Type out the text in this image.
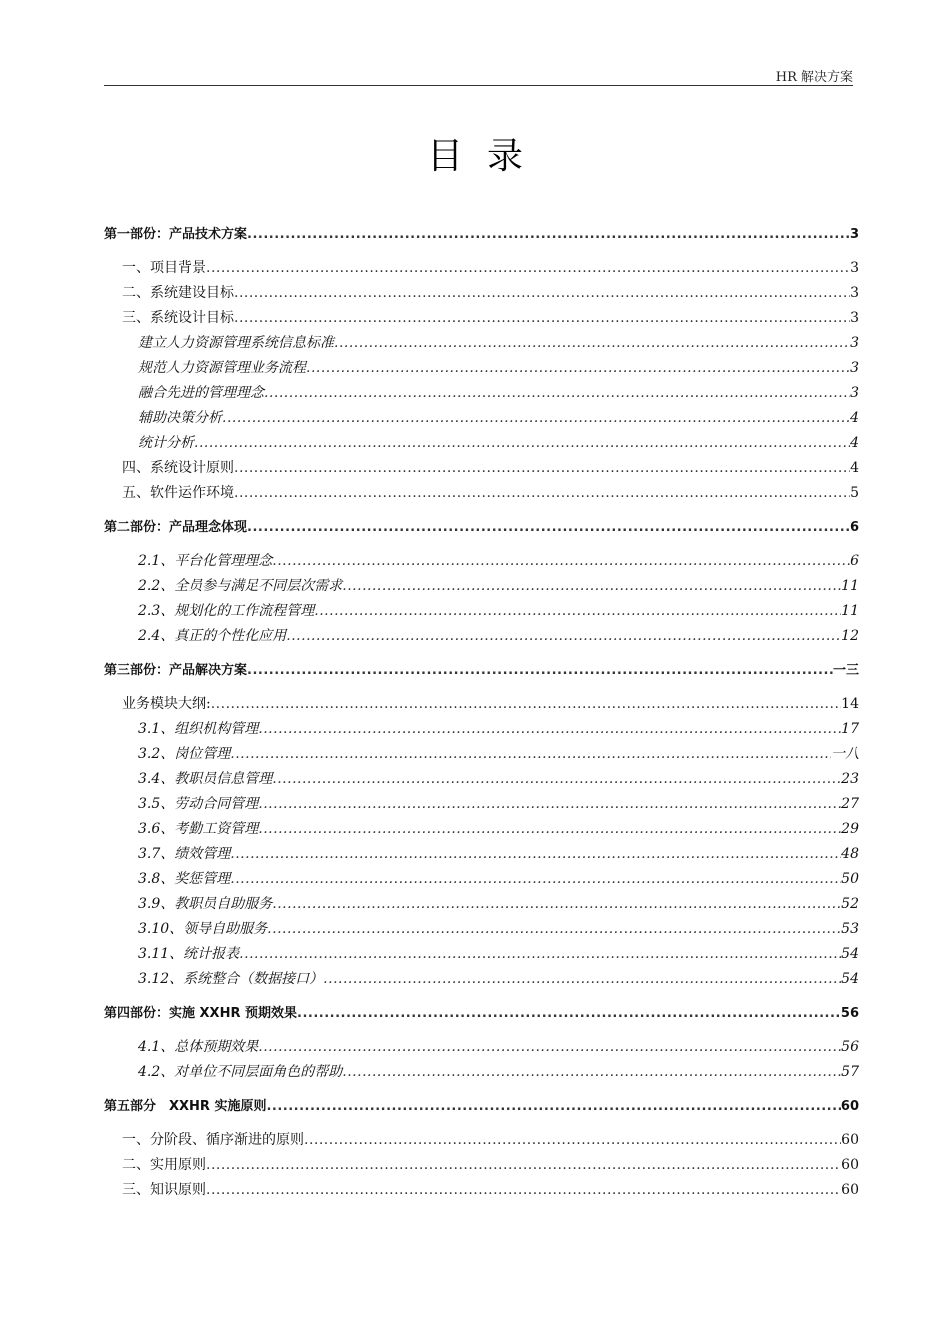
HR 解决方案
目录
第一部份：产品技术方案 .....	3
一、项目背景 .....	3
二、系统建设目标 .....	3
三、系统设计目标 .....	3
建立人力资源管理系统信息标准 .....	3
规范人力资源管理业务流程 .....	3
融合先进的管理理念 .....	3
辅助决策分析 .....	4
统计分析 .....	4
四、系统设计原则 .....	4
五、软件运作环境 .....	5
第二部份：产品理念体现 .....	6
2.1、平台化管理理念 .....	6
2.2、全员参与满足不同层次需求 .....	11
2.3、规划化的工作流程管理 .....	11
2.4、真正的个性化应用 .....	12
第三部份：产品解决方案 .....	一三
业务模块大纲: .....	14
3.1、组织机构管理 .....	17
3.2、岗位管理 .....	一八
3.4、教职员信息管理 .....	23
3.5、劳动合同管理 .....	27
3.6、考勤工资管理 .....	29
3.7、绩效管理 .....	48
3.8、奖惩管理 .....	50
3.9、教职员自助服务 .....	52
3.10、领导自助服务 .....	53
3.11、统计报表 .....	54
3.12、系统整合（数据接口） .....	54
第四部份：实施 XXHR 预期效果 .....	56
4.1、总体预期效果 .....	56
4.2、对单位不同层面角色的帮助 .....	57
第五部分　XXHR 实施原则 .....	60
一、分阶段、循序渐进的原则 .....	60
二、实用原则 .....	60
三、知识原则 .....	60
